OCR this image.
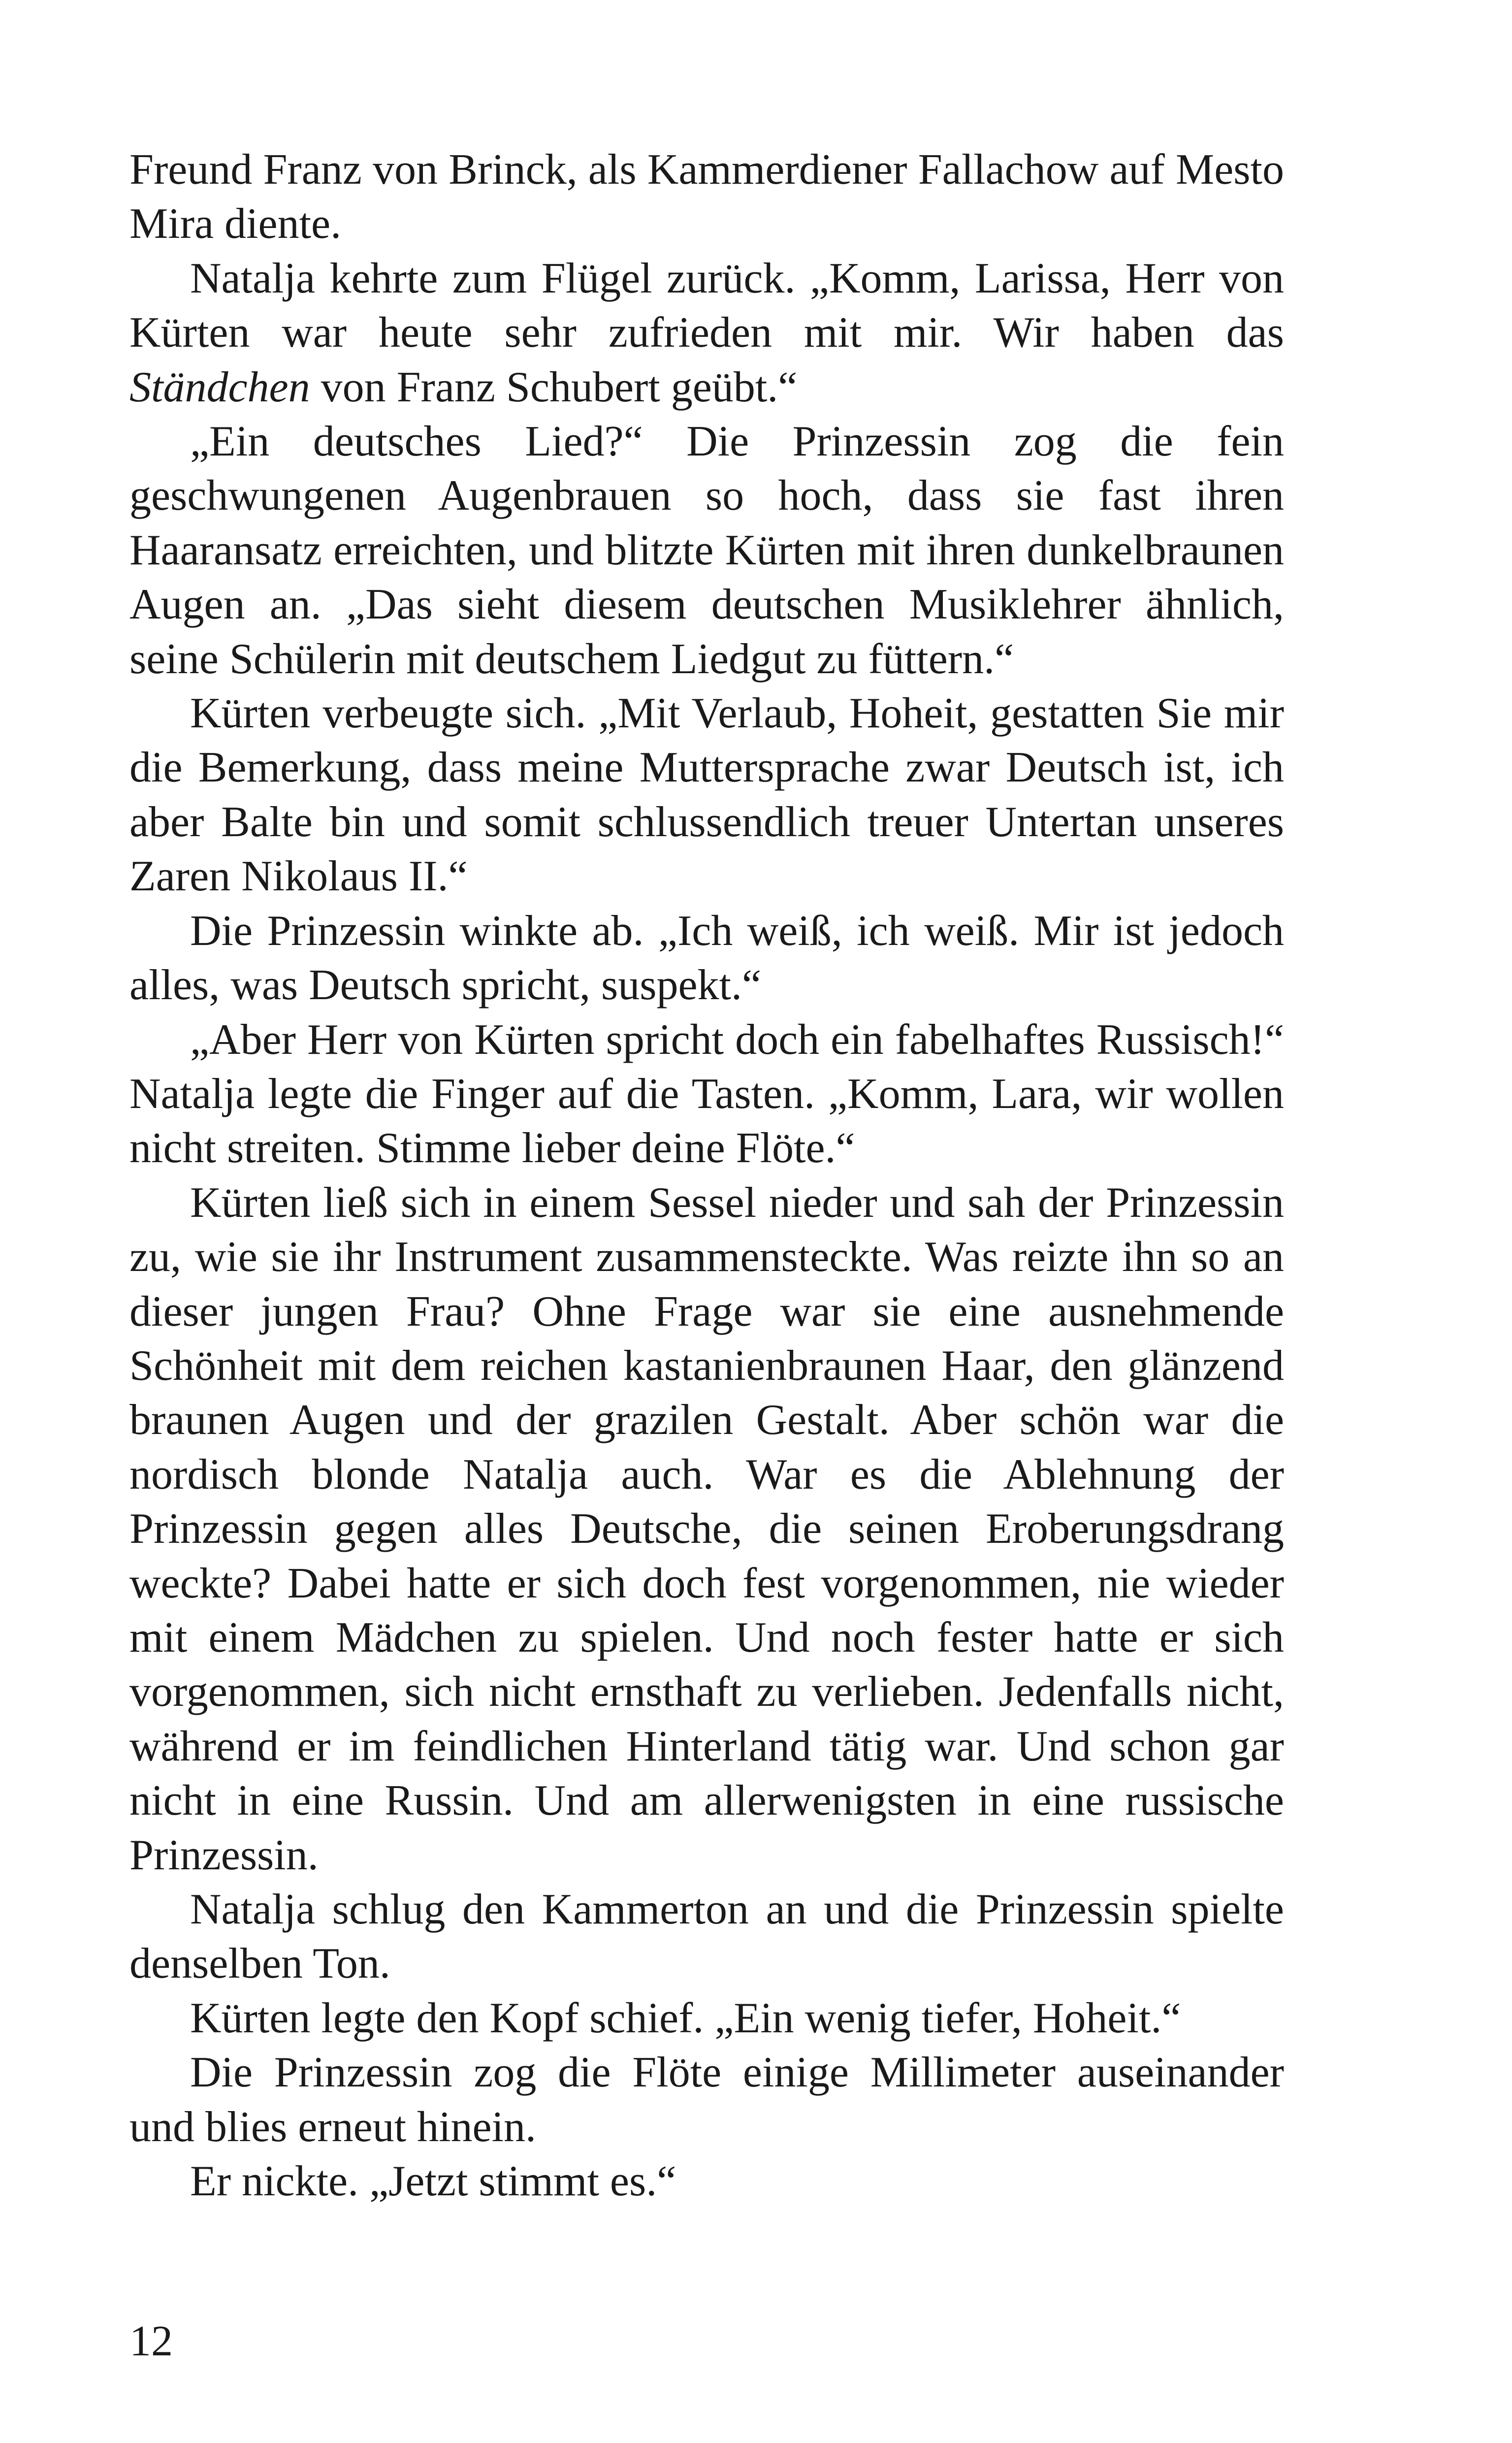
Freund Franz von Brinck, als Kammerdiener Fallachow auf Mesto Mira diente.

Natalja kehrte zum Flügel zurück. „Komm, Larissa, Herr von Kürten war heute sehr zufrieden mit mir. Wir haben das Ständchen von Franz Schubert geübt.“

„Ein deutsches Lied?“ Die Prinzessin zog die fein geschwungenen Augenbrauen so hoch, dass sie fast ihren Haaransatz erreichten, und blitzte Kürten mit ihren dunkelbraunen Augen an. „Das sieht diesem deutschen Musiklehrer ähnlich, seine Schülerin mit deutschem Liedgut zu füttern.“

Kürten verbeugte sich. „Mit Verlaub, Hoheit, gestatten Sie mir die Bemerkung, dass meine Muttersprache zwar Deutsch ist, ich aber Balte bin und somit schlussendlich treuer Untertan unseres Zaren Nikolaus II.“

Die Prinzessin winkte ab. „Ich weiß, ich weiß. Mir ist jedoch alles, was Deutsch spricht, suspekt.“

„Aber Herr von Kürten spricht doch ein fabelhaftes Russisch!“ Natalja legte die Finger auf die Tasten. „Komm, Lara, wir wollen nicht streiten. Stimme lieber deine Flöte.“

Kürten ließ sich in einem Sessel nieder und sah der Prinzessin zu, wie sie ihr Instrument zusammensteckte. Was reizte ihn so an dieser jungen Frau? Ohne Frage war sie eine ausnehmende Schönheit mit dem reichen kastanienbraunen Haar, den glänzend braunen Augen und der grazilen Gestalt. Aber schön war die nordisch blonde Natalja auch. War es die Ablehnung der Prinzessin gegen alles Deutsche, die seinen Eroberungsdrang weckte? Dabei hatte er sich doch fest vorgenommen, nie wieder mit einem Mädchen zu spielen. Und noch fester hatte er sich vorgenommen, sich nicht ernsthaft zu verlieben. Jedenfalls nicht, während er im feindlichen Hinterland tätig war. Und schon gar nicht in eine Russin. Und am allerwenigsten in eine russische Prinzessin.

Natalja schlug den Kammerton an und die Prinzessin spielte denselben Ton.

Kürten legte den Kopf schief. „Ein wenig tiefer, Hoheit.“

Die Prinzessin zog die Flöte einige Millimeter auseinander und blies erneut hinein.

Er nickte. „Jetzt stimmt es.“

12
